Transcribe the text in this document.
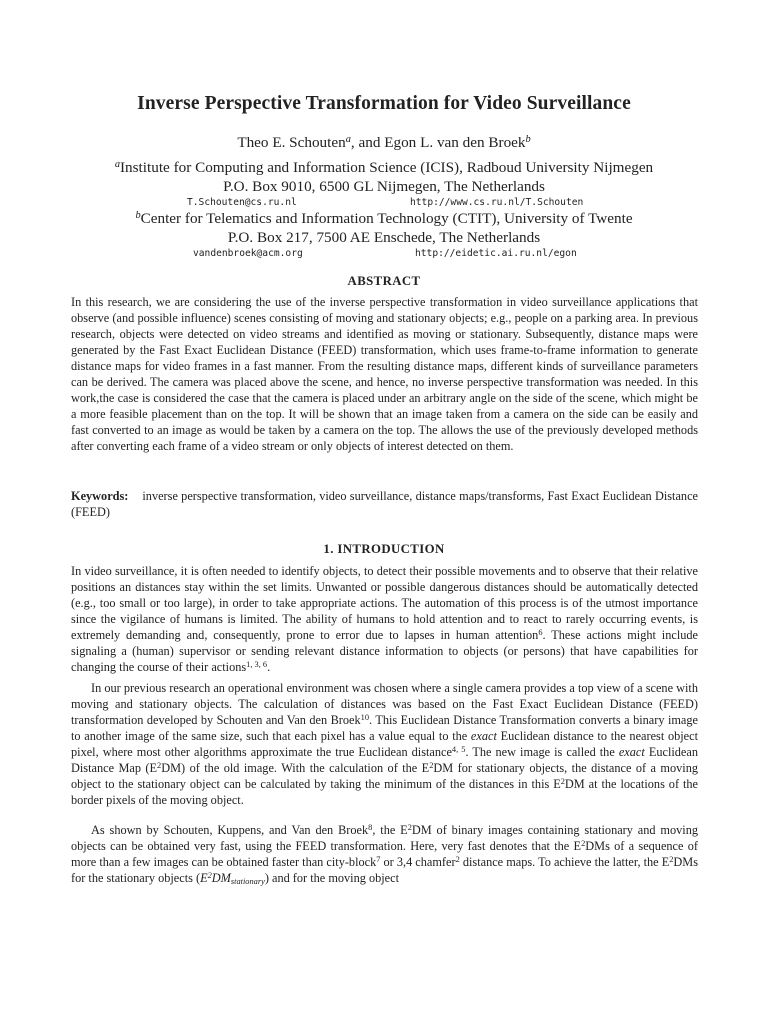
Inverse Perspective Transformation for Video Surveillance
Theo E. Schouten$^a$, and Egon L. van den Broek$^b$
$^a$Institute for Computing and Information Science (ICIS), Radboud University Nijmegen
P.O. Box 9010, 6500 GL Nijmegen, The Netherlands
T.Schouten@cs.ru.nl	http://www.cs.ru.nl/T.Schouten
$^b$Center for Telematics and Information Technology (CTIT), University of Twente
P.O. Box 217, 7500 AE Enschede, The Netherlands
vandenbroek@acm.org	http://eidetic.ai.ru.nl/egon
ABSTRACT

In this research, we are considering the use of the inverse perspective transformation in video surveillance applications that observe (and possible influence) scenes consisting of moving and stationary objects; e.g., people on a parking area. In previous research, objects were detected on video streams and identified as moving or stationary. Subsequently, distance maps were generated by the Fast Exact Euclidean Distance (FEED) transformation, which uses frame-to-frame information to generate distance maps for video frames in a fast manner. From the resulting distance maps, different kinds of surveillance parameters can be derived. The camera was placed above the scene, and hence, no inverse perspective transformation was needed. In this work,the case is considered the case that the camera is placed under an arbitrary angle on the side of the scene, which might be a more feasible placement than on the top. It will be shown that an image taken from a camera on the side can be easily and fast converted to an image as would be taken by a camera on the top. The allows the use of the previously developed methods after converting each frame of a video stream or only objects of interest detected on them.

Keywords: inverse perspective transformation, video surveillance, distance maps/transforms, Fast Exact Euclidean Distance (FEED)

1. INTRODUCTION

In video surveillance, it is often needed to identify objects, to detect their possible movements and to observe that their relative positions an distances stay within the set limits. Unwanted or possible dangerous distances should be automatically detected (e.g., too small or too large), in order to take appropriate actions. The automation of this process is of the utmost importance since the vigilance of humans is limited. The ability of humans to hold attention and to react to rarely occurring events, is extremely demanding and, consequently, prone to error due to lapses in human attention$^6$. These actions might include signaling a (human) supervisor or sending relevant distance information to objects (or persons) that have capabilities for changing the course of their actions$^{1, 3, 6}$.

In our previous research an operational environment was chosen where a single camera provides a top view of a scene with moving and stationary objects. The calculation of distances was based on the Fast Exact Euclidean Distance (FEED) transformation developed by Schouten and Van den Broek$^{10}$. This Euclidean Distance Transformation converts a binary image to another image of the same size, such that each pixel has a value equal to the exact Euclidean distance to the nearest object pixel, where most other algorithms approximate the true Euclidean distance$^{4, 5}$. The new image is called the exact Euclidean Distance Map $(E^2DM)$ of the old image. With the calculation of the $E^2DM$ for stationary objects, the distance of a moving object to the stationary object can be calculated by taking the minimum of the distances in this $E^2DM$ at the locations of the border pixels of the moving object.

As shown by Schouten, Kuppens, and Van den Broek$^8$, the $E^2DM$ of binary images containing stationary and moving objects can be obtained very fast, using the FEED transformation. Here, very fast denotes that the $E^2DMs$ of a sequence of more than a few images can be obtained faster than city-block$^7$ or 3,4 chamfer$^2$ distance maps. To achieve the latter, the $E^2DMs$ for the stationary objects $(E^2DM_{stationary})$ and for the moving object
